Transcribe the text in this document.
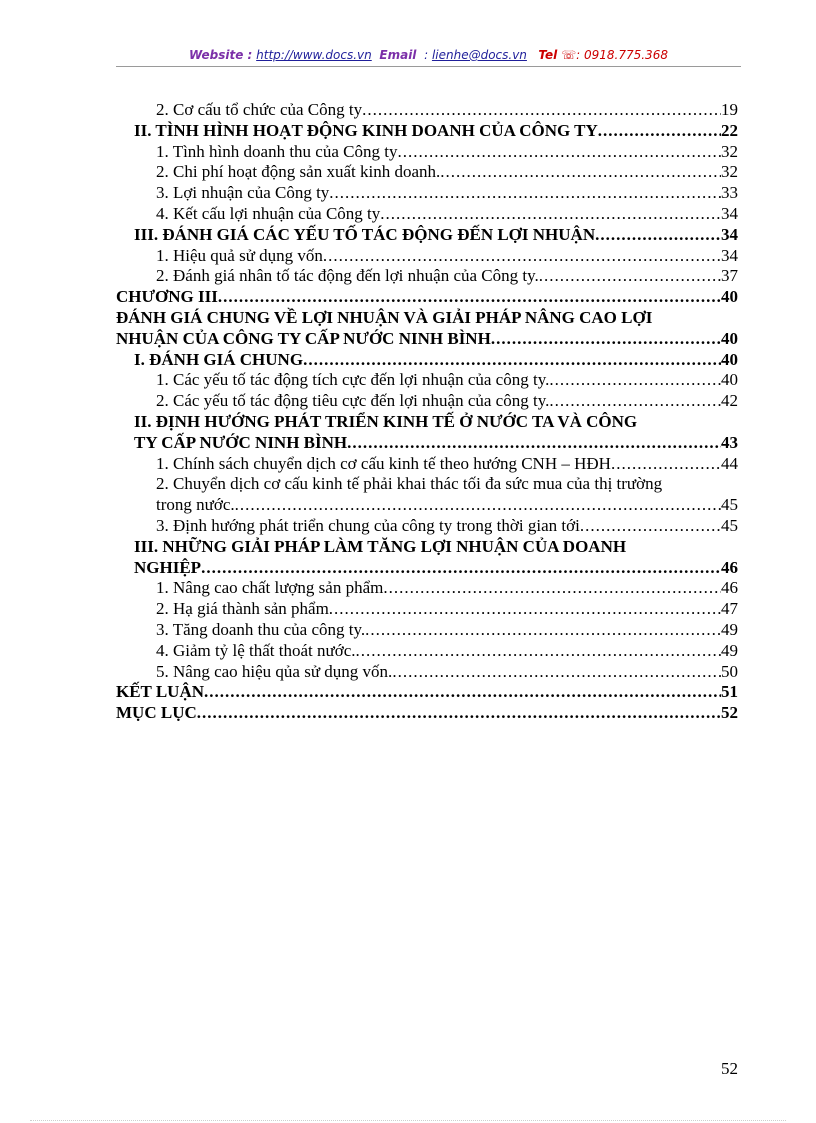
Website : http://www.docs.vn Email : lienhe@docs.vn Tel ☏: 0918.775.368
2. Cơ cấu tổ chức của Công ty .....	19
II. TÌNH HÌNH HOẠT ĐỘNG KINH DOANH CỦA CÔNG TY .....	22
1. Tình hình doanh thu của Công ty .....	32
2. Chi phí hoạt động sản xuất kinh doanh. .....	32
3. Lợi nhuận của Công ty .....	33
4. Kết cấu lợi nhuận của Công ty .....	34
III. ĐÁNH GIÁ CÁC YẾU TỐ TÁC ĐỘNG ĐẾN LỢI NHUẬN .....	34
1. Hiệu quả sử dụng vốn .....	34
2. Đánh giá nhân tố tác động đến lợi nhuận của Công ty. .....	37
CHƯƠNG III .....	40
ĐÁNH GIÁ CHUNG VỀ LỢI NHUẬN VÀ GIẢI PHÁP NÂNG CAO LỢI
NHUẬN CỦA CÔNG TY CẤP NƯỚC NINH BÌNH .....	40
I. ĐÁNH GIÁ CHUNG .....	40
1. Các yếu tố tác động tích cực đến lợi nhuận của công ty. .....	40
2. Các yếu tố tác động tiêu cực đến lợi nhuận của công ty. .....	42
II. ĐỊNH HƯỚNG PHÁT TRIỂN KINH TẾ Ở NƯỚC TA VÀ CÔNG
TY CẤP NƯỚC NINH BÌNH .....	43
1. Chính sách chuyển dịch cơ cấu kinh tế theo hướng CNH – HĐH .....	44
2. Chuyển dịch cơ cấu kinh tế phải khai thác tối đa sức mua của thị trường
trong nước. .....	45
3. Định hướng phát triển chung của công ty trong thời gian tới .....	45
III. NHỮNG GIẢI PHÁP LÀM TĂNG LỢI NHUẬN CỦA DOANH
NGHIỆP .....	46
1. Nâng cao chất lượng sản phẩm .....	46
2. Hạ giá thành sản phẩm .....	47
3. Tăng doanh thu của công ty. .....	49
4. Giảm tỷ lệ thất thoát nước. .....	49
5. Nâng cao hiệu qủa sử dụng vốn. .....	50
KẾT LUẬN .....	51
MỤC LỤC .....	52
52
